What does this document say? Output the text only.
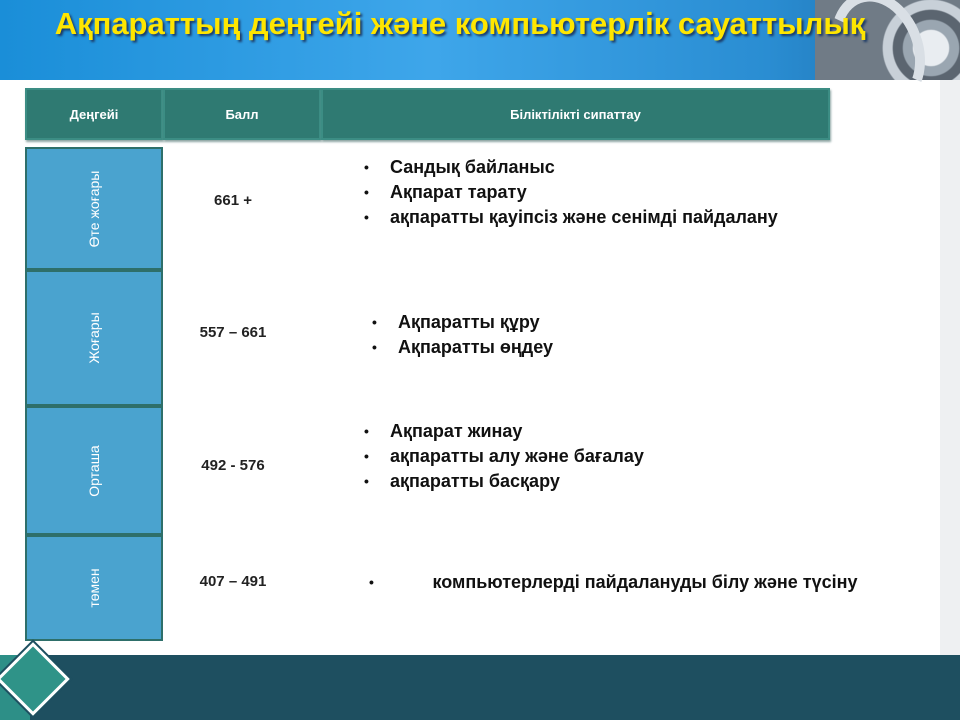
Ақпараттың деңгейі және компьютерлік сауаттылық
Деңгейі	Балл	Біліктілікті сипаттау
Өте жоғары	661 +
• Сандық байланыс
• Ақпарат тарату
• ақпаратты қауіпсіз және сенімді пайдалану
Жоғары	557 – 661
• Ақпаратты құру
• Ақпаратты өңдеу
Орташа	492 - 576
• Ақпарат жинау
• ақпаратты алу және бағалау
• ақпаратты басқару
төмен	407 – 491
•	компьютерлерді пайдалануды білу және түсіну
